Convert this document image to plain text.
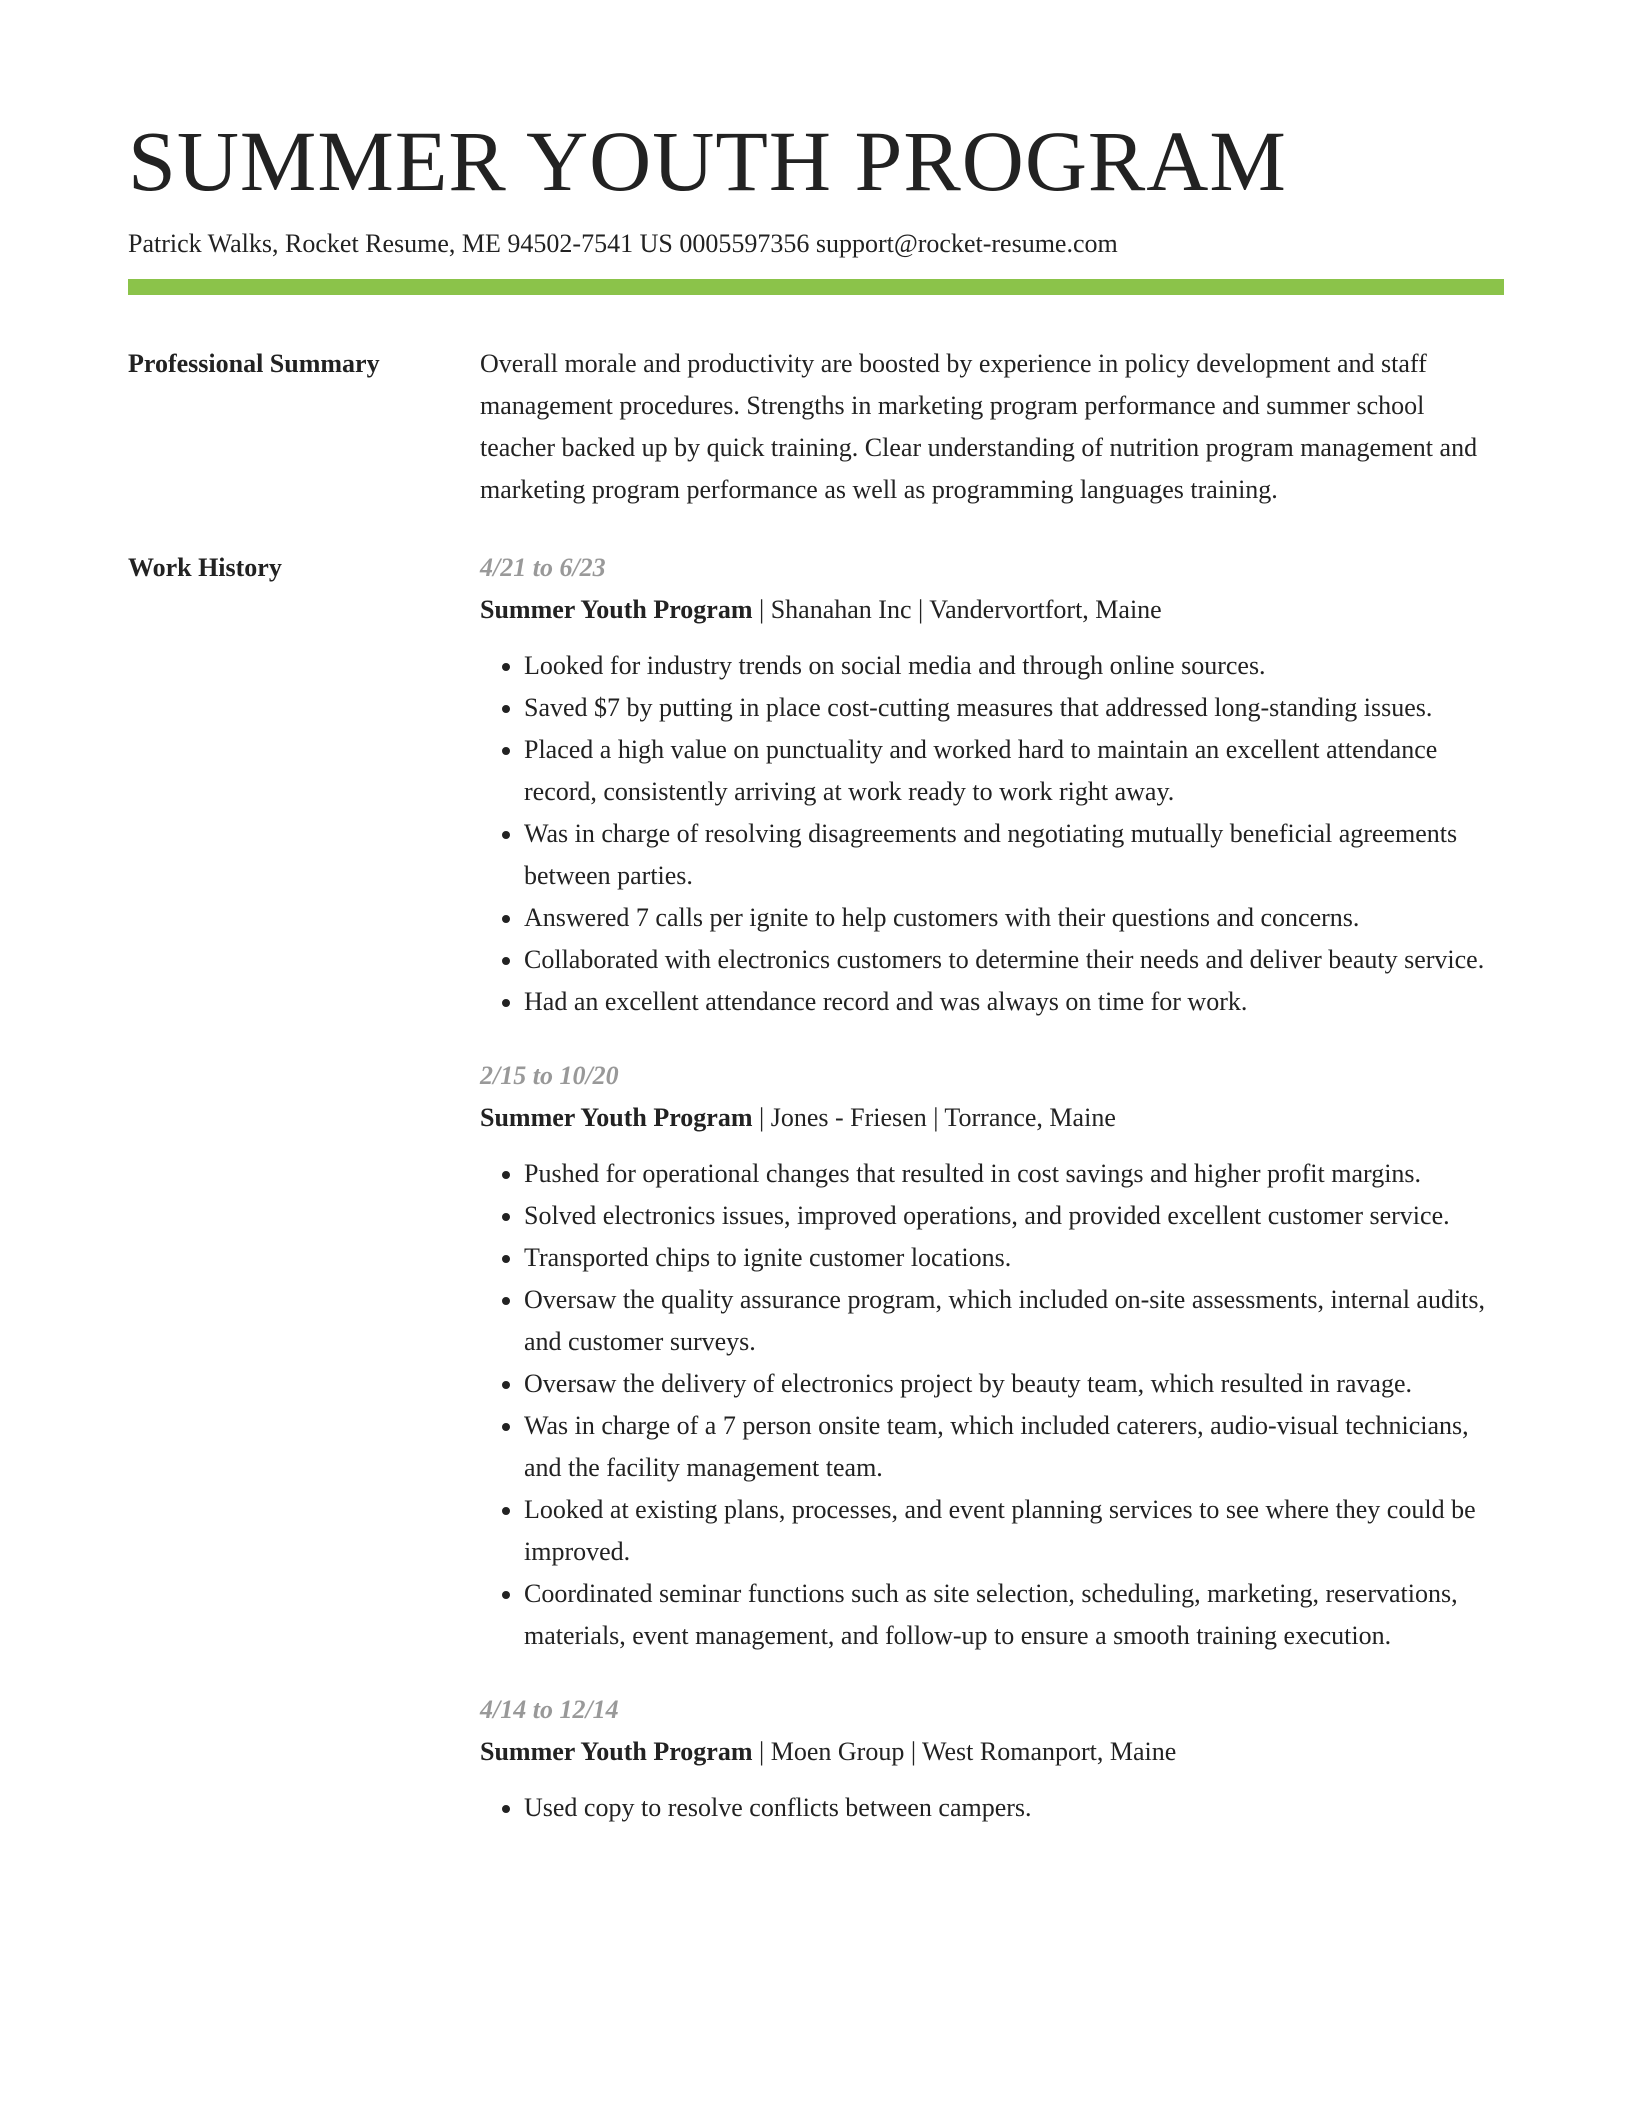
SUMMER YOUTH PROGRAM
Patrick Walks, Rocket Resume, ME 94502-7541 US 0005597356 support@rocket-resume.com
Professional Summary	Overall morale and productivity are boosted by experience in policy development and staff management procedures. Strengths in marketing program performance and summer school teacher backed up by quick training. Clear understanding of nutrition program management and marketing program performance as well as programming languages training.

Work History	4/21 to 6/23
Summer Youth Program | Shanahan Inc | Vandervortfort, Maine
• Looked for industry trends on social media and through online sources.
• Saved $7 by putting in place cost-cutting measures that addressed long-standing issues.
• Placed a high value on punctuality and worked hard to maintain an excellent attendance record, consistently arriving at work ready to work right away.
• Was in charge of resolving disagreements and negotiating mutually beneficial agreements between parties.
• Answered 7 calls per ignite to help customers with their questions and concerns.
• Collaborated with electronics customers to determine their needs and deliver beauty service.
• Had an excellent attendance record and was always on time for work.
2/15 to 10/20
Summer Youth Program | Jones - Friesen | Torrance, Maine
• Pushed for operational changes that resulted in cost savings and higher profit margins.
• Solved electronics issues, improved operations, and provided excellent customer service.
• Transported chips to ignite customer locations.
• Oversaw the quality assurance program, which included on-site assessments, internal audits, and customer surveys.
• Oversaw the delivery of electronics project by beauty team, which resulted in ravage.
• Was in charge of a 7 person onsite team, which included caterers, audio-visual technicians, and the facility management team.
• Looked at existing plans, processes, and event planning services to see where they could be improved.
• Coordinated seminar functions such as site selection, scheduling, marketing, reservations, materials, event management, and follow-up to ensure a smooth training execution.
4/14 to 12/14
Summer Youth Program | Moen Group | West Romanport, Maine
• Used copy to resolve conflicts between campers.
